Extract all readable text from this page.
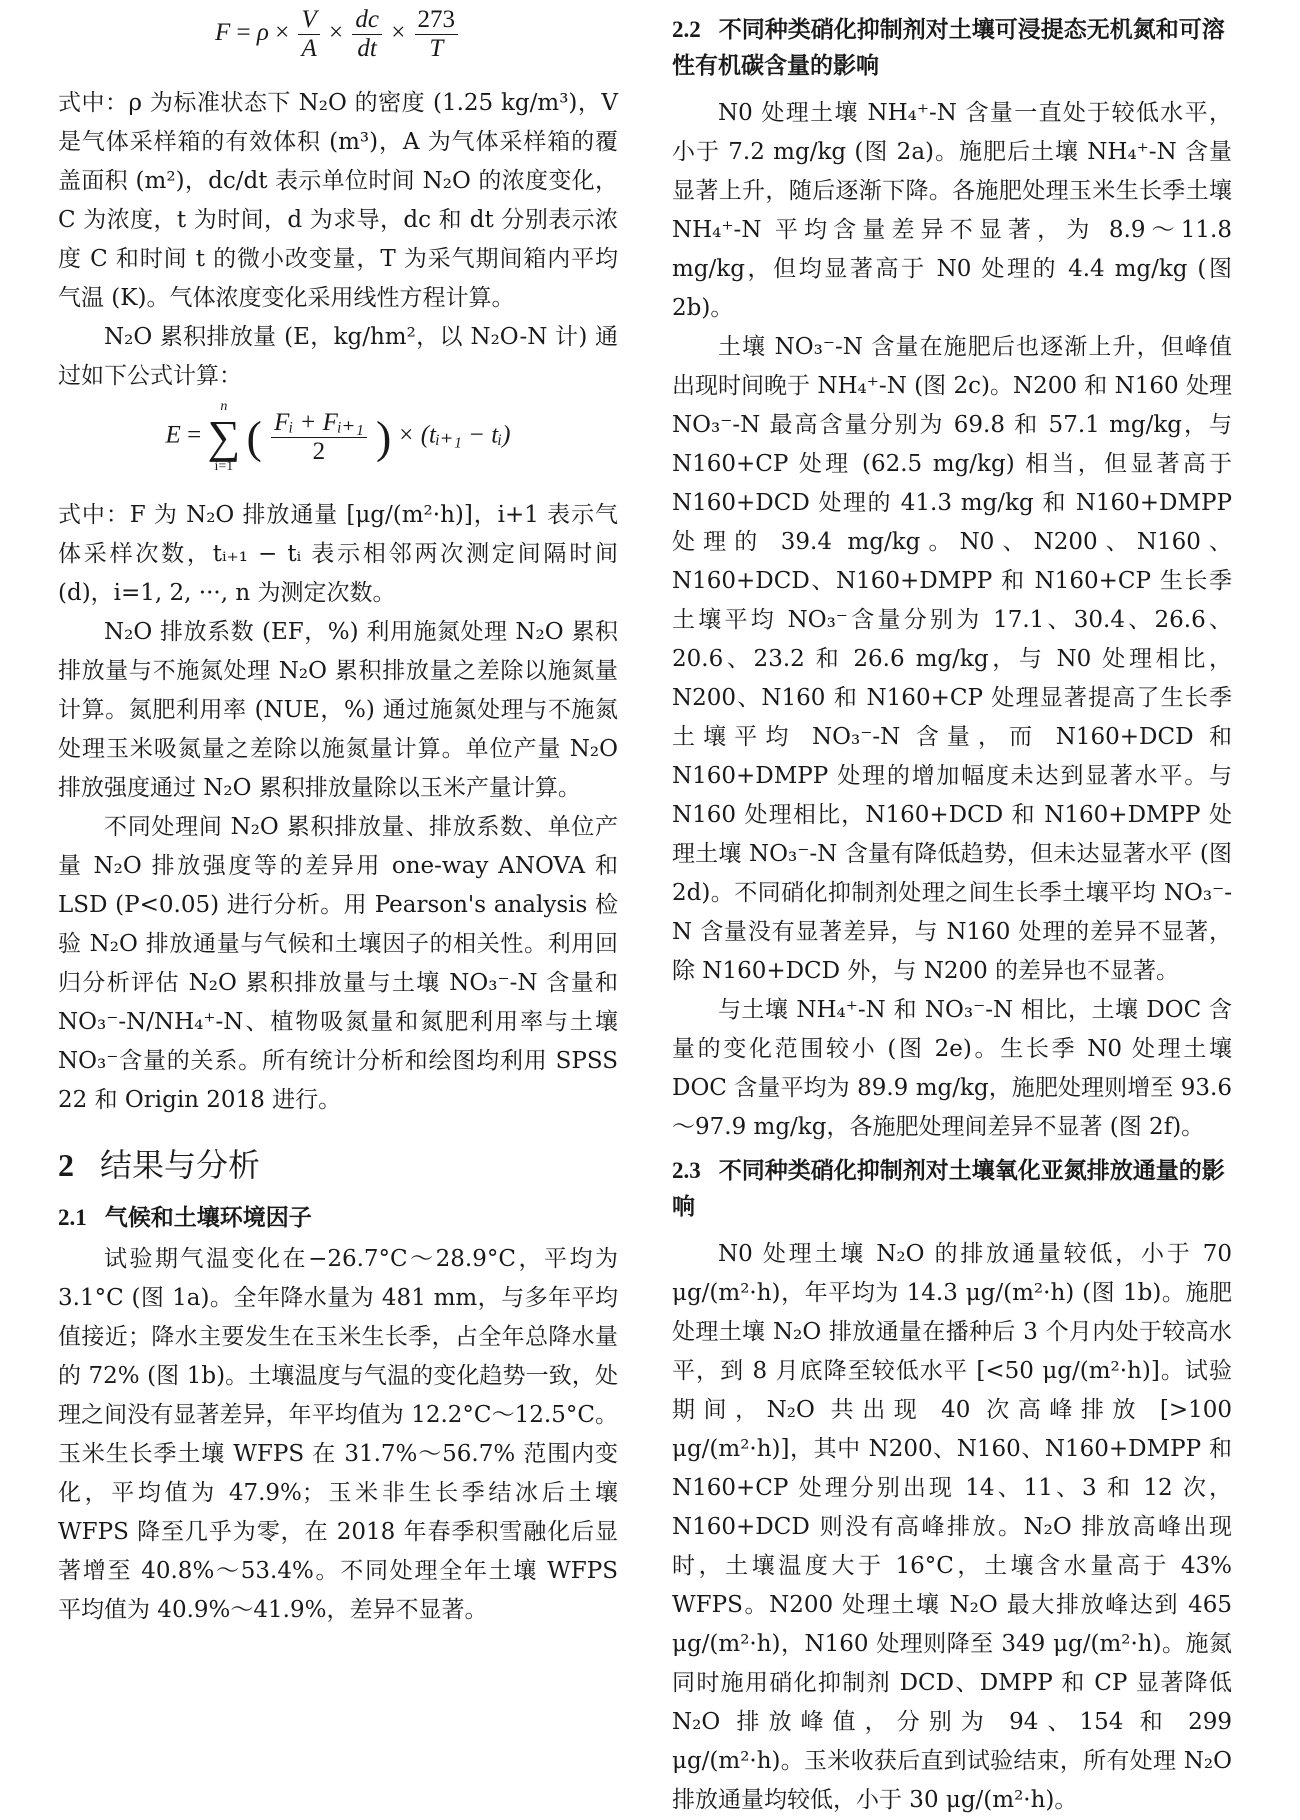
$F = \rho \times \frac{V}{A} \times \frac{dc}{dt} \times \frac{273}{T}$

式中：ρ 为标准状态下 N₂O 的密度 (1.25 kg/m³)，V 是气体采样箱的有效体积 (m³)，A 为气体采样箱的覆盖面积 (m²)，dc/dt 表示单位时间 N₂O 的浓度变化，C 为浓度，t 为时间，d 为求导，dc 和 dt 分别表示浓度 C 和时间 t 的微小改变量，T 为采气期间箱内平均气温 (K)。气体浓度变化采用线性方程计算。

N₂O 累积排放量 (E，kg/hm²，以 N₂O-N 计) 通过如下公式计算：

E =
n
∑
i=1
( $\frac{\text{Fᵢ + Fᵢ₊₁}}{2}$ ) × (tᵢ₊₁ − tᵢ)

式中：F 为 N₂O 排放通量 [μg/(m²·h)]，i+1 表示气体采样次数，tᵢ₊₁ − tᵢ 表示相邻两次测定间隔时间 (d)，i=1, 2, ···, n 为测定次数。

N₂O 排放系数 (EF，%) 利用施氮处理 N₂O 累积排放量与不施氮处理 N₂O 累积排放量之差除以施氮量计算。氮肥利用率 (NUE，%) 通过施氮处理与不施氮处理玉米吸氮量之差除以施氮量计算。单位产量 N₂O 排放强度通过 N₂O 累积排放量除以玉米产量计算。

不同处理间 N₂O 累积排放量、排放系数、单位产量 N₂O 排放强度等的差异用 one-way ANOVA 和 LSD (P<0.05) 进行分析。用 Pearson's analysis 检验 N₂O 排放通量与气候和土壤因子的相关性。利用回归分析评估 N₂O 累积排放量与土壤 NO₃⁻-N 含量和 NO₃⁻-N/NH₄⁺-N、植物吸氮量和氮肥利用率与土壤 NO₃⁻含量的关系。所有统计分析和绘图均利用 SPSS 22 和 Origin 2018 进行。

2 结果与分析
2.1 气候和土壤环境因子

试验期气温变化在−26.7°C～28.9°C，平均为 3.1°C (图 1a)。全年降水量为 481 mm，与多年平均值接近；降水主要发生在玉米生长季，占全年总降水量的 72% (图 1b)。土壤温度与气温的变化趋势一致，处理之间没有显著差异，年平均值为 12.2°C～12.5°C。玉米生长季土壤 WFPS 在 31.7%～56.7% 范围内变化，平均值为 47.9%；玉米非生长季结冰后土壤 WFPS 降至几乎为零，在 2018 年春季积雪融化后显著增至 40.8%～53.4%。不同处理全年土壤 WFPS 平均值为 40.9%～41.9%，差异不显著。

2.2 不同种类硝化抑制剂对土壤可浸提态无机氮和可溶性有机碳含量的影响

N0 处理土壤 NH₄⁺-N 含量一直处于较低水平，小于 7.2 mg/kg (图 2a)。施肥后土壤 NH₄⁺-N 含量显著上升，随后逐渐下降。各施肥处理玉米生长季土壤 NH₄⁺-N 平均含量差异不显著，为 8.9～11.8 mg/kg，但均显著高于 N0 处理的 4.4 mg/kg (图 2b)。

土壤 NO₃⁻-N 含量在施肥后也逐渐上升，但峰值出现时间晚于 NH₄⁺-N (图 2c)。N200 和 N160 处理 NO₃⁻-N 最高含量分别为 69.8 和 57.1 mg/kg，与 N160+CP 处理 (62.5 mg/kg) 相当，但显著高于 N160+DCD 处理的 41.3 mg/kg 和 N160+DMPP 处理的 39.4 mg/kg。N0、N200、N160、N160+DCD、N160+DMPP 和 N160+CP 生长季土壤平均 NO₃⁻含量分别为 17.1、30.4、26.6、20.6、23.2 和 26.6 mg/kg，与 N0 处理相比，N200、N160 和 N160+CP 处理显著提高了生长季土壤平均 NO₃⁻-N 含量，而 N160+DCD 和 N160+DMPP 处理的增加幅度未达到显著水平。与 N160 处理相比，N160+DCD 和 N160+DMPP 处理土壤 NO₃⁻-N 含量有降低趋势，但未达显著水平 (图 2d)。不同硝化抑制剂处理之间生长季土壤平均 NO₃⁻-N 含量没有显著差异，与 N160 处理的差异不显著，除 N160+DCD 外，与 N200 的差异也不显著。

与土壤 NH₄⁺-N 和 NO₃⁻-N 相比，土壤 DOC 含量的变化范围较小 (图 2e)。生长季 N0 处理土壤 DOC 含量平均为 89.9 mg/kg，施肥处理则增至 93.6～97.9 mg/kg，各施肥处理间差异不显著 (图 2f)。

2.3 不同种类硝化抑制剂对土壤氧化亚氮排放通量的影响

N0 处理土壤 N₂O 的排放通量较低，小于 70 μg/(m²·h)，年平均为 14.3 μg/(m²·h) (图 1b)。施肥处理土壤 N₂O 排放通量在播种后 3 个月内处于较高水平，到 8 月底降至较低水平 [<50 μg/(m²·h)]。试验期间，N₂O 共出现 40 次高峰排放 [>100 μg/(m²·h)]，其中 N200、N160、N160+DMPP 和 N160+CP 处理分别出现 14、11、3 和 12 次，N160+DCD 则没有高峰排放。N₂O 排放高峰出现时，土壤温度大于 16°C，土壤含水量高于 43% WFPS。N200 处理土壤 N₂O 最大排放峰达到 465 μg/(m²·h)，N160 处理则降至 349 μg/(m²·h)。施氮同时施用硝化抑制剂 DCD、DMPP 和 CP 显著降低 N₂O 排放峰值，分别为 94、154 和 299 μg/(m²·h)。玉米收获后直到试验结束，所有处理 N₂O 排放通量均较低，小于 30 μg/(m²·h)。
